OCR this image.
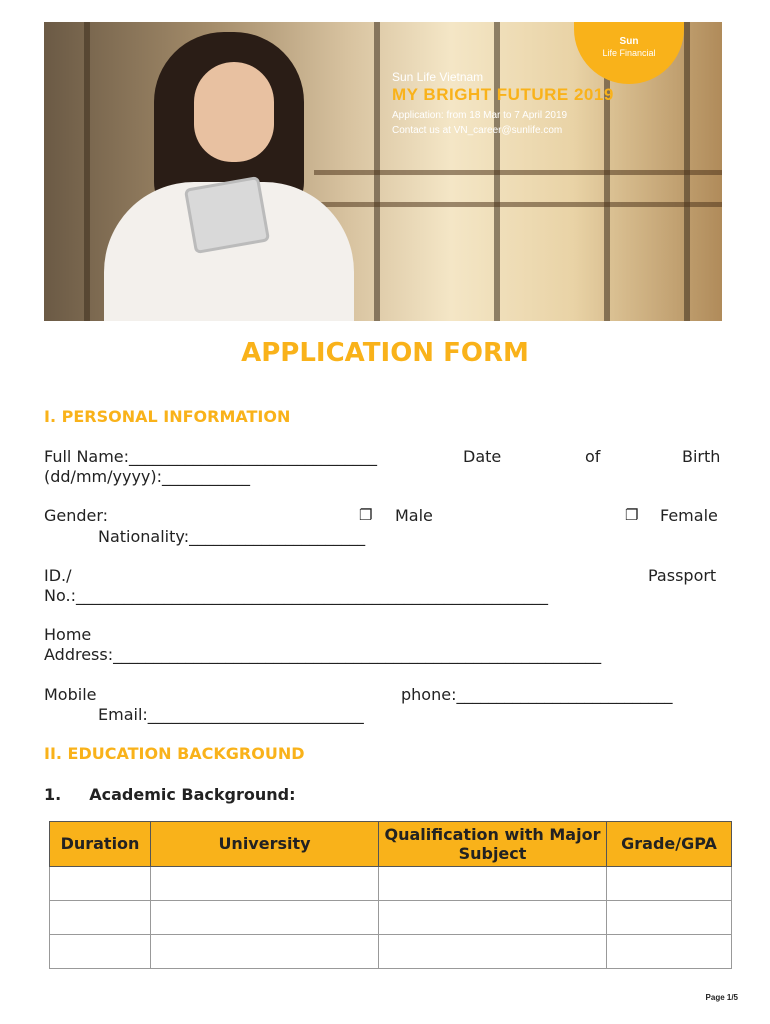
Sun
Life Financial
Sun Life Vietnam
MY BRIGHT FUTURE 2019
Application: from 18 Mar to 7 April 2019
Contact us at VN_career@sunlife.com
APPLICATION FORM
I. PERSONAL INFORMATION
Full Name:_______________________________	Date	of	Birth
(dd/mm/yyyy):___________
Gender:	❐ Male	❐ Female
Nationality:______________________
ID./	Passport
No.:___________________________________________________________
Home
Address:_____________________________________________________________
Mobile	phone:___________________________
Email:___________________________
II. EDUCATION BACKGROUND
1. Academic Background:
Duration	University	Qualification with Major Subject	Grade/GPA

Page 1/5
